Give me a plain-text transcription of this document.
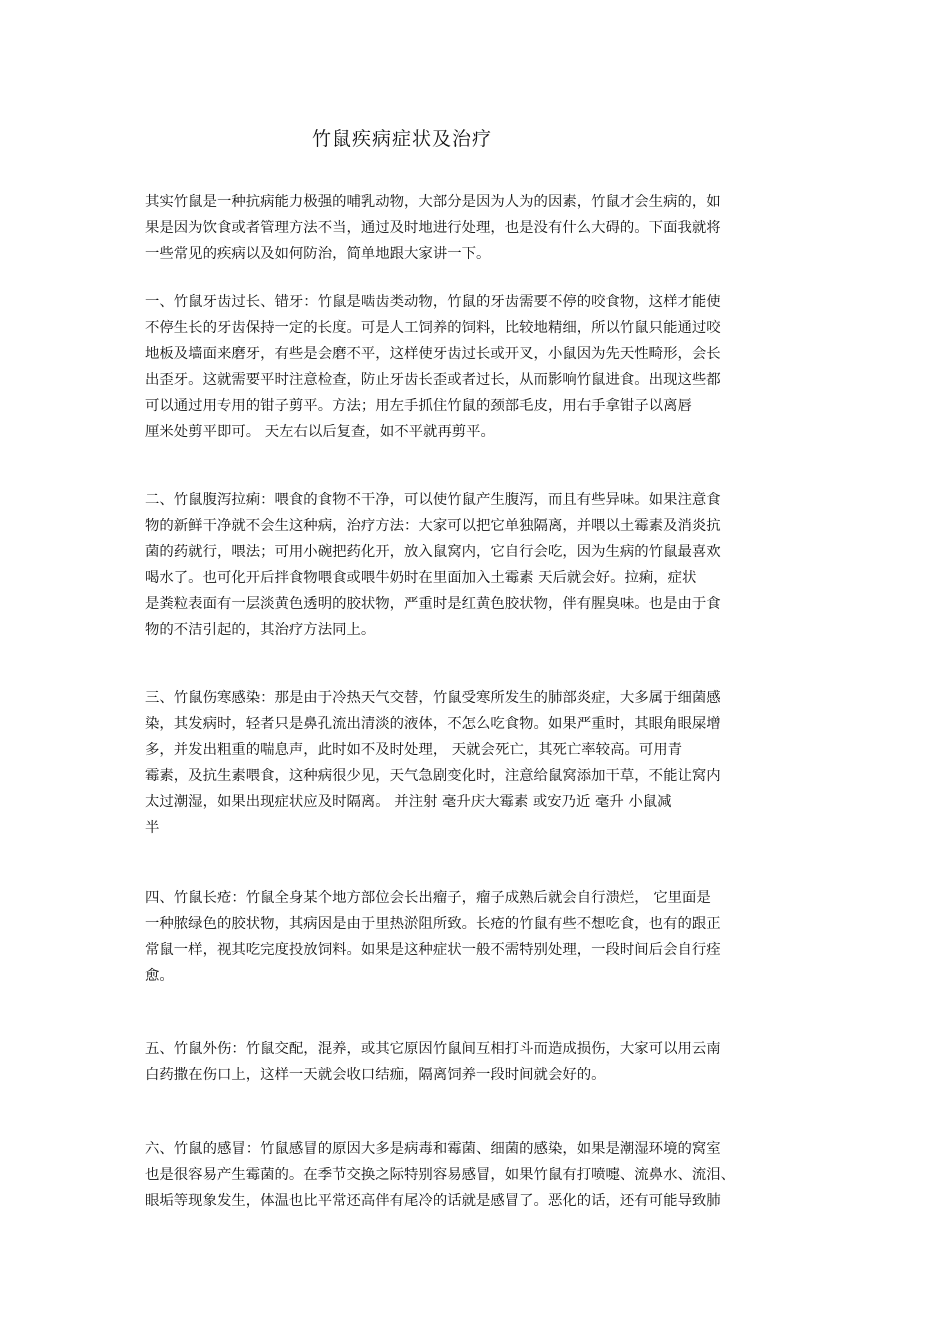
竹鼠疾病症状及治疗
其实竹鼠是一种抗病能力极强的哺乳动物，大部分是因为人为的因素，竹鼠才会生病的，如
果是因为饮食或者管理方法不当，通过及时地进行处理，也是没有什么大碍的。下面我就将
一些常见的疾病以及如何防治，简单地跟大家讲一下。
一、竹鼠牙齿过长、错牙：竹鼠是啮齿类动物，竹鼠的牙齿需要不停的咬食物，这样才能使
不停生长的牙齿保持一定的长度。可是人工饲养的饲料，比较地精细，所以竹鼠只能通过咬
地板及墙面来磨牙，有些是会磨不平，这样使牙齿过长或开叉，小鼠因为先天性畸形，会长
出歪牙。这就需要平时注意检查，防止牙齿长歪或者过长，从而影响竹鼠进食。出现这些都
可以通过用专用的钳子剪平。方法；用左手抓住竹鼠的颈部毛皮，用右手拿钳子以离唇
厘米处剪平即可。 天左右以后复查，如不平就再剪平。
二、竹鼠腹泻拉痢：喂食的食物不干净，可以使竹鼠产生腹泻，而且有些异味。如果注意食
物的新鲜干净就不会生这种病，治疗方法：大家可以把它单独隔离，并喂以土霉素及消炎抗
菌的药就行，喂法；可用小碗把药化开，放入鼠窝内，它自行会吃，因为生病的竹鼠最喜欢
喝水了。也可化开后拌食物喂食或喂牛奶时在里面加入土霉素 天后就会好。拉痢，症状
是粪粒表面有一层淡黄色透明的胶状物，严重时是红黄色胶状物，伴有腥臭味。也是由于食
物的不洁引起的，其治疗方法同上。
三、竹鼠伤寒感染：那是由于冷热天气交替，竹鼠受寒所发生的肺部炎症，大多属于细菌感
染，其发病时，轻者只是鼻孔流出清淡的液体，不怎么吃食物。如果严重时，其眼角眼屎增
多，并发出粗重的喘息声，此时如不及时处理， 天就会死亡，其死亡率较高。可用青
霉素，及抗生素喂食，这种病很少见，天气急剧变化时，注意给鼠窝添加干草，不能让窝内
太过潮湿，如果出现症状应及时隔离。 并注射 毫升庆大霉素 或安乃近 毫升 小鼠减
半
四、竹鼠长疮：竹鼠全身某个地方部位会长出瘤子，瘤子成熟后就会自行溃烂， 它里面是
一种脓绿色的胶状物，其病因是由于里热淤阻所致。长疮的竹鼠有些不想吃食，也有的跟正
常鼠一样，视其吃完度投放饲料。如果是这种症状一般不需特别处理，一段时间后会自行痊
愈。
五、竹鼠外伤：竹鼠交配，混养，或其它原因竹鼠间互相打斗而造成损伤，大家可以用云南
白药撒在伤口上，这样一天就会收口结痂，隔离饲养一段时间就会好的。
六、竹鼠的感冒：竹鼠感冒的原因大多是病毒和霉菌、细菌的感染，如果是潮湿环境的窝室
也是很容易产生霉菌的。在季节交换之际特别容易感冒，如果竹鼠有打喷嚏、流鼻水、流泪、
眼垢等现象发生，体温也比平常还高伴有尾冷的话就是感冒了。恶化的话，还有可能导致肺
